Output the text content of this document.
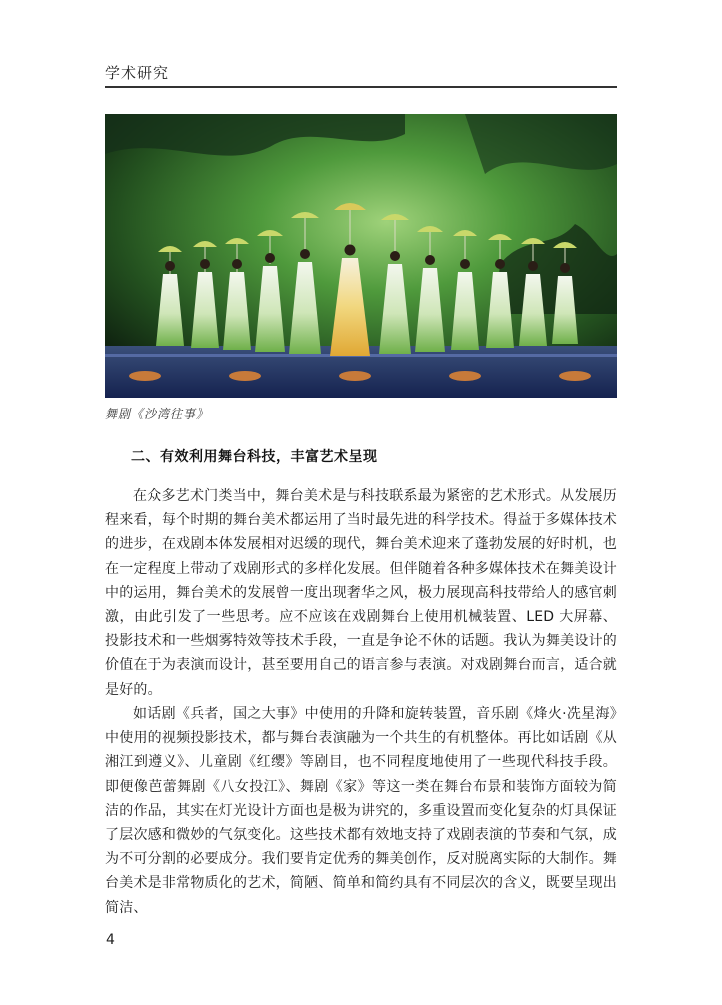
学术研究
舞剧《沙湾往事》
二、有效利用舞台科技，丰富艺术呈现

在众多艺术门类当中，舞台美术是与科技联系最为紧密的艺术形式。从发展历程来看，每个时期的舞台美术都运用了当时最先进的科学技术。得益于多媒体技术的进步，在戏剧本体发展相对迟缓的现代，舞台美术迎来了蓬勃发展的好时机，也在一定程度上带动了戏剧形式的多样化发展。但伴随着各种多媒体技术在舞美设计中的运用，舞台美术的发展曾一度出现奢华之风，极力展现高科技带给人的感官刺激，由此引发了一些思考。应不应该在戏剧舞台上使用机械装置、LED 大屏幕、投影技术和一些烟雾特效等技术手段，一直是争论不休的话题。我认为舞美设计的价值在于为表演而设计，甚至要用自己的语言参与表演。对戏剧舞台而言，适合就是好的。

如话剧《兵者，国之大事》中使用的升降和旋转装置，音乐剧《烽火·冼星海》中使用的视频投影技术，都与舞台表演融为一个共生的有机整体。再比如话剧《从湘江到遵义》、儿童剧《红缨》等剧目，也不同程度地使用了一些现代科技手段。即便像芭蕾舞剧《八女投江》、舞剧《家》等这一类在舞台布景和装饰方面较为简洁的作品，其实在灯光设计方面也是极为讲究的，多重设置而变化复杂的灯具保证了层次感和微妙的气氛变化。这些技术都有效地支持了戏剧表演的节奏和气氛，成为不可分割的必要成分。我们要肯定优秀的舞美创作，反对脱离实际的大制作。舞台美术是非常物质化的艺术，简陋、简单和简约具有不同层次的含义，既要呈现出简洁、

4
